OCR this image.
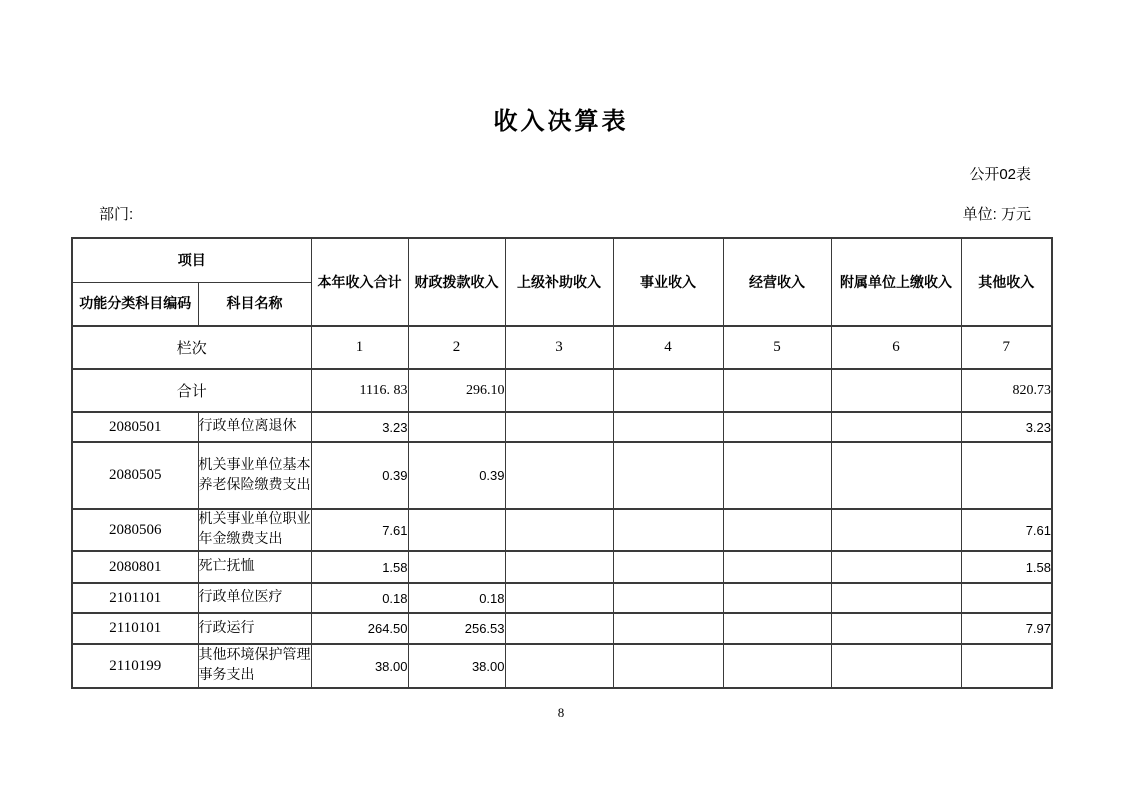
收入决算表
公开02表
部门:	单位: 万元
项目		本年收入合计	财政拨款收入	上级补助收入	事业收入	经营收入	附属单位上缴收入	其他收入
功能分类科目编码	科目名称							
栏次		1	2	3	4	5	6	7
合计		1116. 83	296.10					820.73
2080501	行政单位离退休	3.23						3.23
2080505	机关事业单位基本养老保险缴费支出	0.39	0.39					
2080506	机关事业单位职业年金缴费支出	7.61						7.61
2080801	死亡抚恤	1.58						1.58
2101101	行政单位医疗	0.18	0.18					
2110101	行政运行	264.50	256.53					7.97
2110199	其他环境保护管理事务支出	38.00	38.00					
8
